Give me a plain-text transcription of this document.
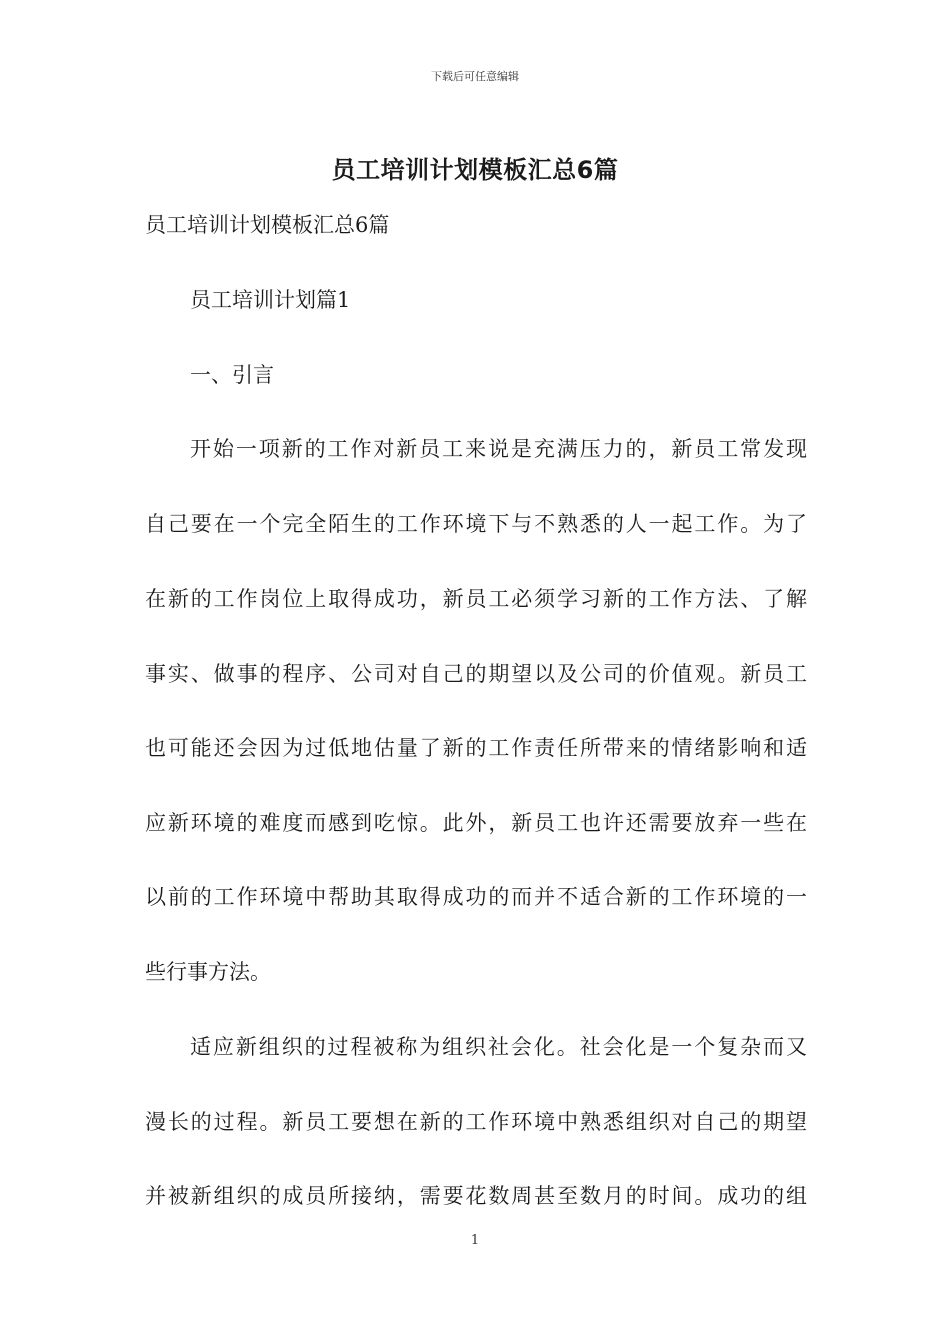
下载后可任意编辑
员工培训计划模板汇总6篇
员工培训计划模板汇总6篇
员工培训计划篇1
一、引言
开始一项新的工作对新员工来说是充满压力的，新员工常发现
自己要在一个完全陌生的工作环境下与不熟悉的人一起工作。为了
在新的工作岗位上取得成功，新员工必须学习新的工作方法、了解
事实、做事的程序、公司对自己的期望以及公司的价值观。新员工
也可能还会因为过低地估量了新的工作责任所带来的情绪影响和适
应新环境的难度而感到吃惊。此外，新员工也许还需要放弃一些在
以前的工作环境中帮助其取得成功的而并不适合新的工作环境的一
些行事方法。
适应新组织的过程被称为组织社会化。社会化是一个复杂而又
漫长的过程。新员工要想在新的工作环境中熟悉组织对自己的期望
并被新组织的成员所接纳，需要花数周甚至数月的时间。成功的组
1
